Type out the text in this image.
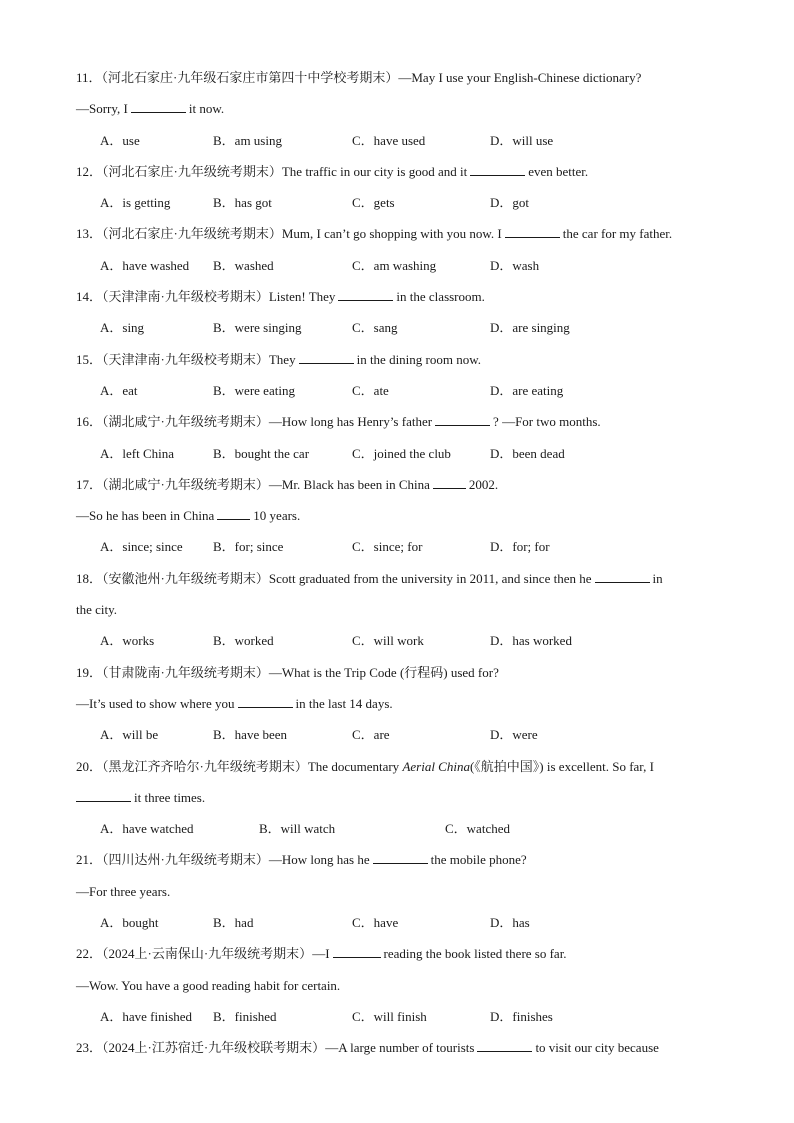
11．（河北石家庄·九年级石家庄市第四十中学校考期末）—May I use your English-Chinese dictionary?
—Sorry, I	it now.
A．use	B．am using	C．have used	D．will use
12．（河北石家庄·九年级统考期末）The traffic in our city is good and it	even better.
A．is getting	B．has got	C．gets	D．got
13．（河北石家庄·九年级统考期末）Mum, I can’t go shopping with you now. I	the car for my father.
A．have washed B．washed	C．am washing	D．wash
14．（天津津南·九年级校考期末）Listen! They	in the classroom.
A．sing	B．were singing	C．sang	D．are singing
15．（天津津南·九年级校考期末）They	in the dining room now.
A．eat	B．were eating	C．ate	D．are eating
16．（湖北咸宁·九年级统考期末）—How long has Henry’s father	? —For two months.
A．left China	B．bought the car	C．joined the club	D．been dead
17．（湖北咸宁·九年级统考期末）—Mr. Black has been in China	2002.
—So he has been in China	10 years.
A．since; since B．for; since	C．since; for	D．for; for
18．（安徽池州·九年级统考期末）Scott graduated from the university in 2011, and since then he	in
the city.
A．works	B．worked	C．will work	D．has worked
19．（甘肃陇南·九年级统考期末）—What is the Trip Code (行程码) used for?
—It’s used to show where you	in the last 14 days.
A．will be	B．have been	C．are	D．were
20．（黑龙江齐齐哈尔·九年级统考期末）The documentary Aerial China(《航拍中国》) is excellent. So far, I
it three times.
A．have watched	B．will watch	C．watched
21．（四川达州·九年级统考期末）—How long has he	the mobile phone?
—For three years.
A．bought	B．had	C．have	D．has
22．（2024上·云南保山·九年级统考期末）—I	reading the book listed there so far.
—Wow. You have a good reading habit for certain.
A．have finished B．finished	C．will finish	D．finishes
23．（2024上·江苏宿迁·九年级校联考期末）—A large number of tourists	to visit our city because
